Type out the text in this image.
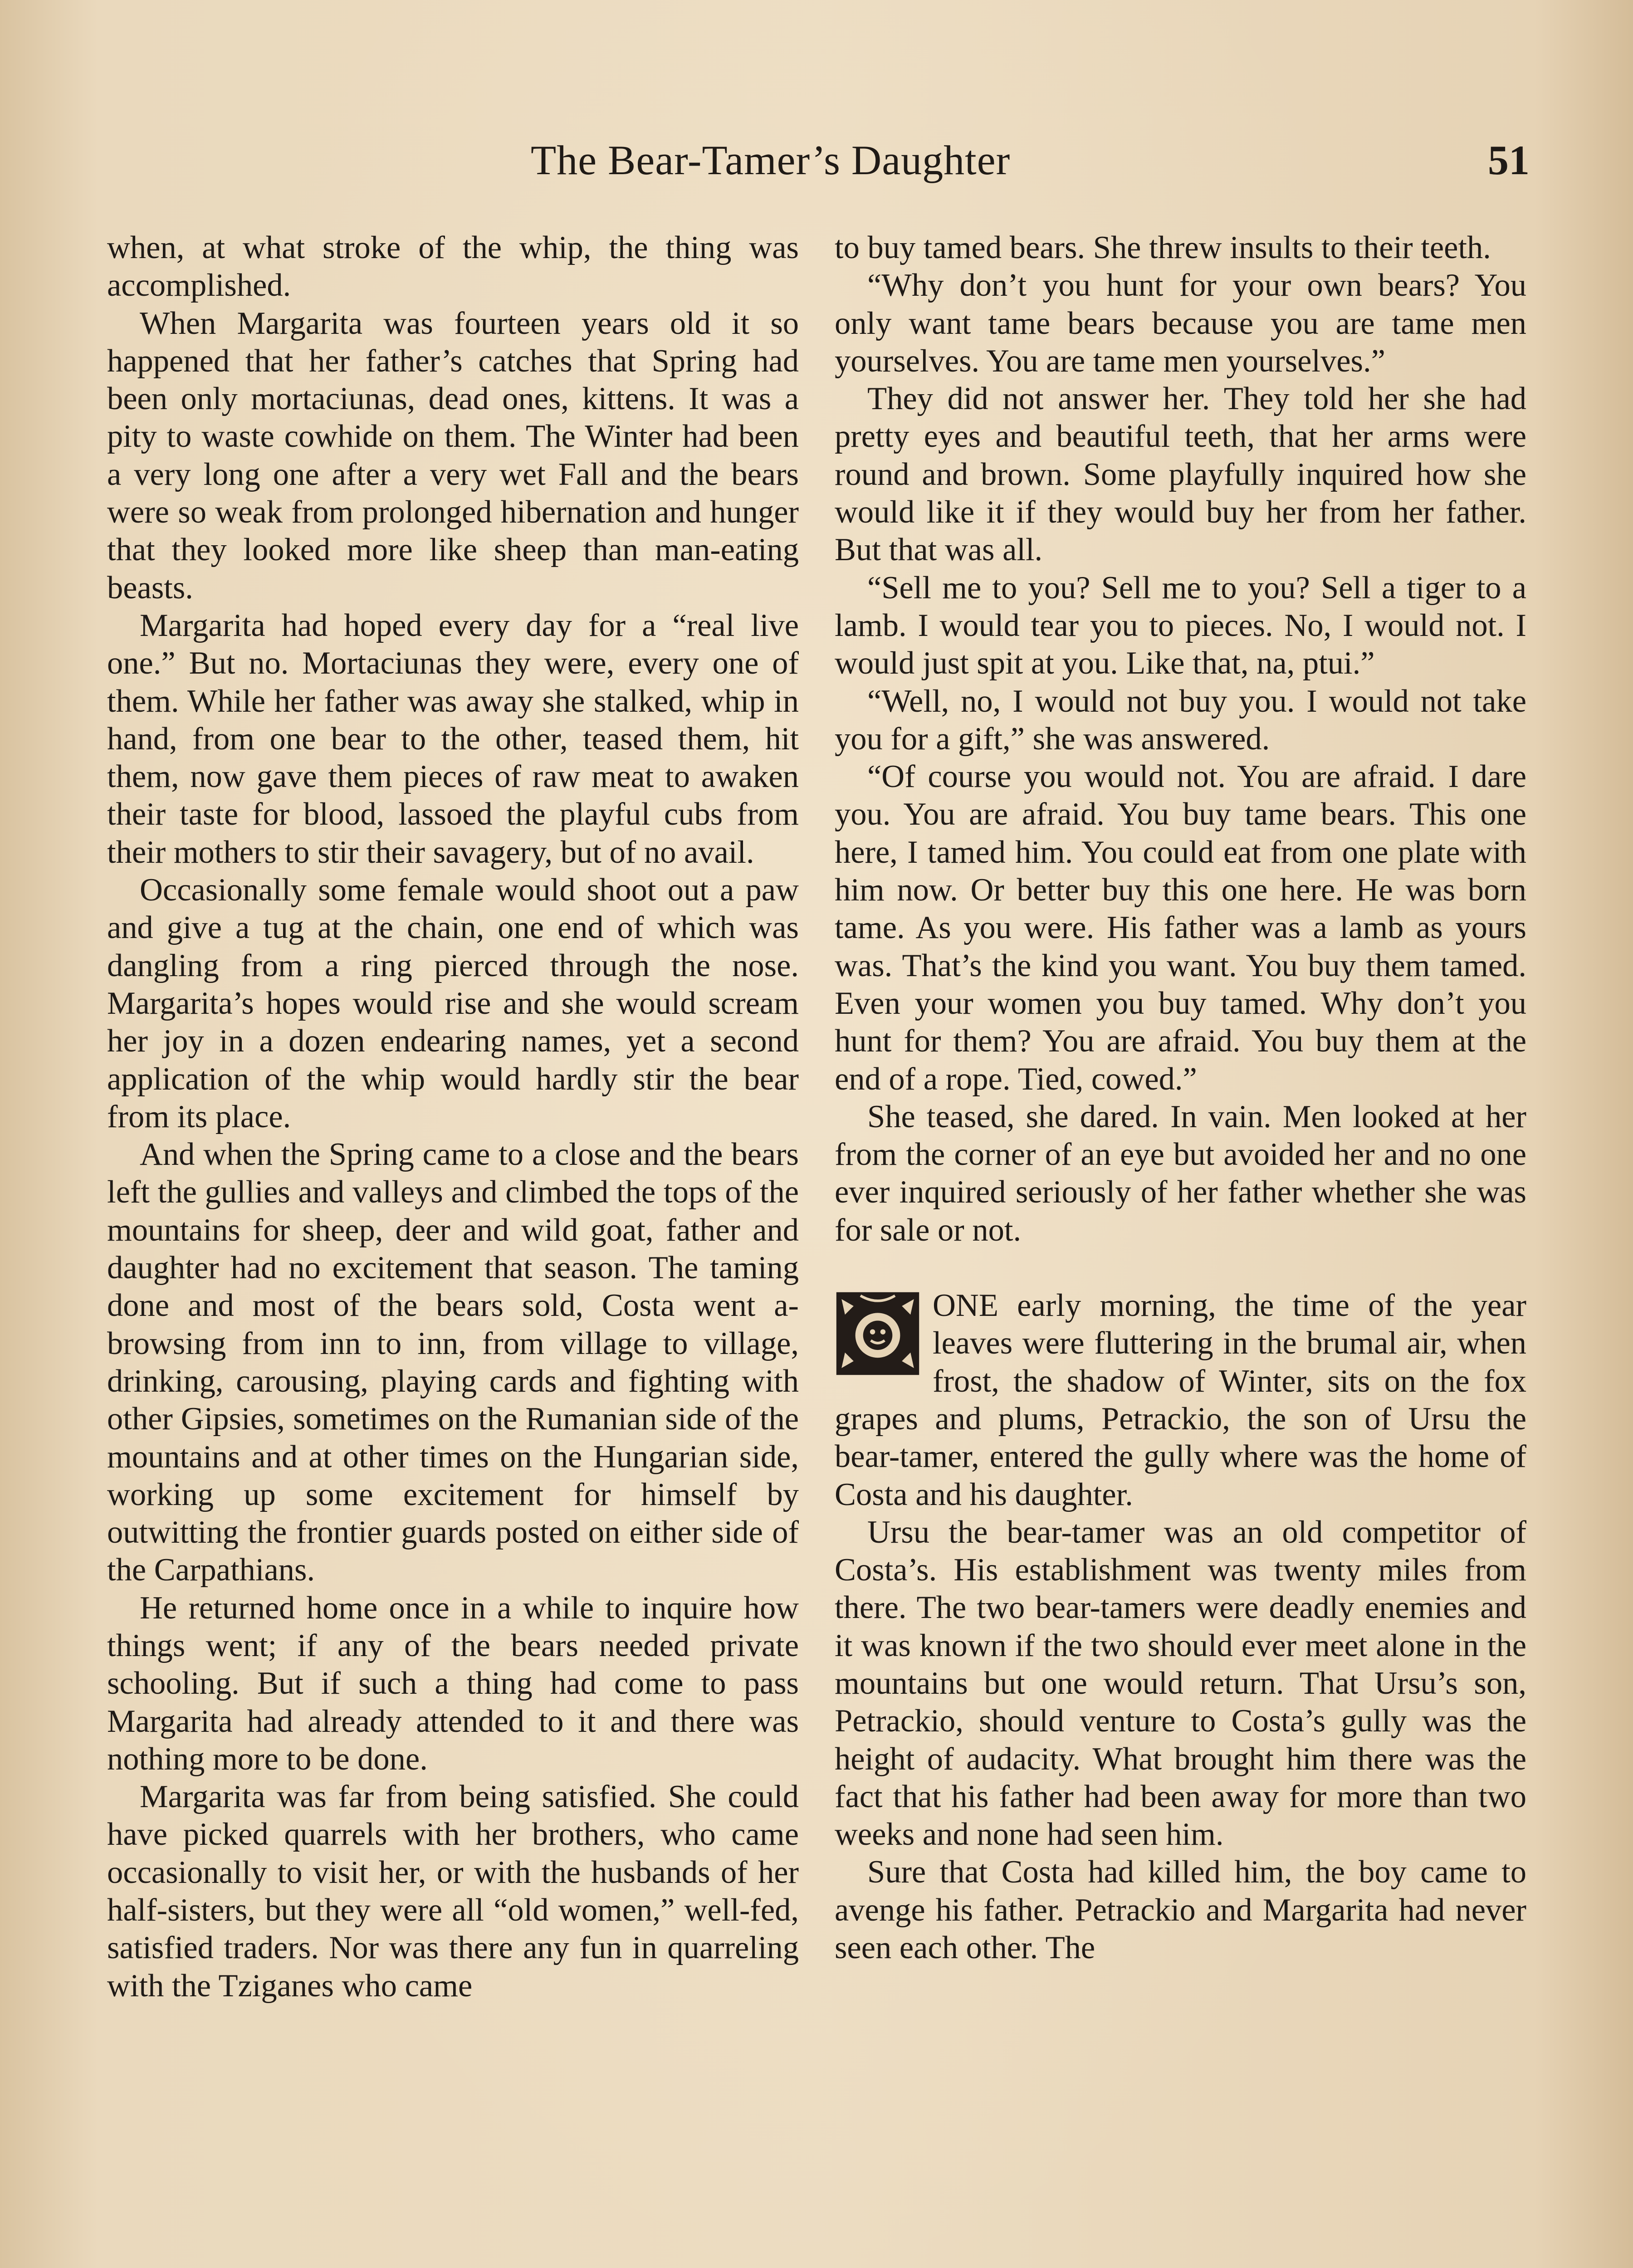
The Bear-Tamer’s Daughter	51

when, at what stroke of the whip, the thing was accomplished.

When Margarita was fourteen years old it so happened that her father’s catches that Spring had been only mortaciunas, dead ones, kittens. It was a pity to waste cowhide on them. The Winter had been a very long one after a very wet Fall and the bears were so weak from prolonged hibernation and hunger that they looked more like sheep than man-eating beasts.

Margarita had hoped every day for a “real live one.” But no. Mortaciunas they were, every one of them. While her father was away she stalked, whip in hand, from one bear to the other, teased them, hit them, now gave them pieces of raw meat to awaken their taste for blood, lassoed the playful cubs from their mothers to stir their savagery, but of no avail.

Occasionally some female would shoot out a paw and give a tug at the chain, one end of which was dangling from a ring pierced through the nose. Margarita’s hopes would rise and she would scream her joy in a dozen endearing names, yet a second application of the whip would hardly stir the bear from its place.

And when the Spring came to a close and the bears left the gullies and valleys and climbed the tops of the mountains for sheep, deer and wild goat, father and daughter had no excitement that season. The taming done and most of the bears sold, Costa went a-browsing from inn to inn, from village to village, drinking, carousing, playing cards and fighting with other Gipsies, sometimes on the Rumanian side of the mountains and at other times on the Hungarian side, working up some excitement for himself by outwitting the frontier guards posted on either side of the Carpathians.

He returned home once in a while to inquire how things went; if any of the bears needed private schooling. But if such a thing had come to pass Margarita had already attended to it and there was nothing more to be done.

Margarita was far from being satisfied. She could have picked quarrels with her brothers, who came occasionally to visit her, or with the husbands of her half-sisters, but they were all “old women,” well-fed, satisfied traders. Nor was there any fun in quarreling with the Tziganes who came

to buy tamed bears. She threw insults to their teeth.

“Why don’t you hunt for your own bears? You only want tame bears because you are tame men yourselves. You are tame men yourselves.”

They did not answer her. They told her she had pretty eyes and beautiful teeth, that her arms were round and brown. Some playfully inquired how she would like it if they would buy her from her father. But that was all.

“Sell me to you? Sell me to you? Sell a tiger to a lamb. I would tear you to pieces. No, I would not. I would just spit at you. Like that, na, ptui.”

“Well, no, I would not buy you. I would not take you for a gift,” she was answered.

“Of course you would not. You are afraid. I dare you. You are afraid. You buy tame bears. This one here, I tamed him. You could eat from one plate with him now. Or better buy this one here. He was born tame. As you were. His father was a lamb as yours was. That’s the kind you want. You buy them tamed. Even your women you buy tamed. Why don’t you hunt for them? You are afraid. You buy them at the end of a rope. Tied, cowed.”

She teased, she dared. In vain. Men looked at her from the corner of an eye but avoided her and no one ever inquired seriously of her father whether she was for sale or not.

ONE early morning, the time of the year leaves were fluttering in the brumal air, when frost, the shadow of Winter, sits on the fox grapes and plums, Petrackio, the son of Ursu the bear-tamer, entered the gully where was the home of Costa and his daughter.

Ursu the bear-tamer was an old competitor of Costa’s. His establishment was twenty miles from there. The two bear-tamers were deadly enemies and it was known if the two should ever meet alone in the mountains but one would return. That Ursu’s son, Petrackio, should venture to Costa’s gully was the height of audacity. What brought him there was the fact that his father had been away for more than two weeks and none had seen him.

Sure that Costa had killed him, the boy came to avenge his father. Petrackio and Margarita had never seen each other. The
